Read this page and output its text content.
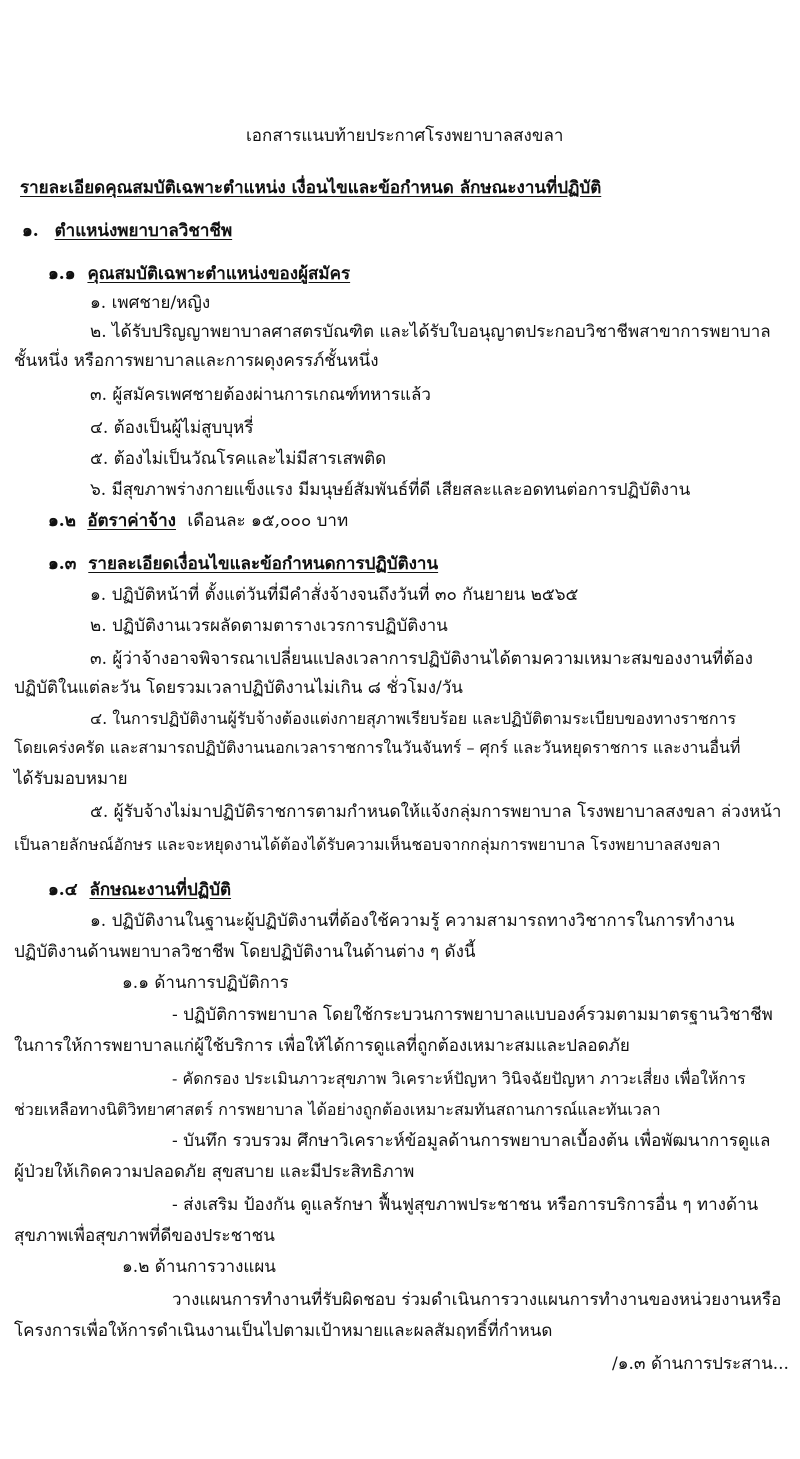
เอกสารแนบท้ายประกาศโรงพยาบาลสงขลา
รายละเอียดคุณสมบัติเฉพาะตำแหน่ง เงื่อนไขและข้อกำหนด ลักษณะงานที่ปฏิบัติ
๑. ตำแหน่งพยาบาลวิชาชีพ
๑.๑ คุณสมบัติเฉพาะตำแหน่งของผู้สมัคร
๑. เพศชาย/หญิง
๒. ได้รับปริญญาพยาบาลศาสตรบัณฑิต และได้รับใบอนุญาตประกอบวิชาชีพสาขาการพยาบาล
ชั้นหนึ่ง หรือการพยาบาลและการผดุงครรภ์ชั้นหนึ่ง
๓. ผู้สมัครเพศชายต้องผ่านการเกณฑ์ทหารแล้ว
๔. ต้องเป็นผู้ไม่สูบบุหรี่
๕. ต้องไม่เป็นวัณโรคและไม่มีสารเสพติด
๖. มีสุขภาพร่างกายแข็งแรง มีมนุษย์สัมพันธ์ที่ดี เสียสละและอดทนต่อการปฏิบัติงาน
๑.๒ อัตราค่าจ้าง เดือนละ ๑๕,๐๐๐ บาท
๑.๓ รายละเอียดเงื่อนไขและข้อกำหนดการปฏิบัติงาน
๑. ปฏิบัติหน้าที่ ตั้งแต่วันที่มีคำสั่งจ้างจนถึงวันที่ ๓๐ กันยายน ๒๕๖๕
๒. ปฏิบัติงานเวรผลัดตามตารางเวรการปฏิบัติงาน
๓. ผู้ว่าจ้างอาจพิจารณาเปลี่ยนแปลงเวลาการปฏิบัติงานได้ตามความเหมาะสมของงานที่ต้อง
ปฏิบัติในแต่ละวัน โดยรวมเวลาปฏิบัติงานไม่เกิน ๘ ชั่วโมง/วัน
๔. ในการปฏิบัติงานผู้รับจ้างต้องแต่งกายสุภาพเรียบร้อย และปฏิบัติตามระเบียบของทางราชการ
โดยเคร่งครัด และสามารถปฏิบัติงานนอกเวลาราชการในวันจันทร์ – ศุกร์ และวันหยุดราชการ และงานอื่นที่
ได้รับมอบหมาย
๕. ผู้รับจ้างไม่มาปฏิบัติราชการตามกำหนดให้แจ้งกลุ่มการพยาบาล โรงพยาบาลสงขลา ล่วงหน้า
เป็นลายลักษณ์อักษร และจะหยุดงานได้ต้องได้รับความเห็นชอบจากกลุ่มการพยาบาล โรงพยาบาลสงขลา
๑.๔ ลักษณะงานที่ปฏิบัติ
๑. ปฏิบัติงานในฐานะผู้ปฏิบัติงานที่ต้องใช้ความรู้ ความสามารถทางวิชาการในการทำงาน
ปฏิบัติงานด้านพยาบาลวิชาชีพ โดยปฏิบัติงานในด้านต่าง ๆ ดังนี้
๑.๑ ด้านการปฏิบัติการ
- ปฏิบัติการพยาบาล โดยใช้กระบวนการพยาบาลแบบองค์รวมตามมาตรฐานวิชาชีพ
ในการให้การพยาบาลแก่ผู้ใช้บริการ เพื่อให้ได้การดูแลที่ถูกต้องเหมาะสมและปลอดภัย
- คัดกรอง ประเมินภาวะสุขภาพ วิเคราะห์ปัญหา วินิจฉัยปัญหา ภาวะเสี่ยง เพื่อให้การ
ช่วยเหลือทางนิติวิทยาศาสตร์ การพยาบาล ได้อย่างถูกต้องเหมาะสมทันสถานการณ์และทันเวลา
- บันทึก รวบรวม ศึกษาวิเคราะห์ข้อมูลด้านการพยาบาลเบื้องต้น เพื่อพัฒนาการดูแล
ผู้ป่วยให้เกิดความปลอดภัย สุขสบาย และมีประสิทธิภาพ
- ส่งเสริม ป้องกัน ดูแลรักษา ฟื้นฟูสุขภาพประชาชน หรือการบริการอื่น ๆ ทางด้าน
สุขภาพเพื่อสุขภาพที่ดีของประชาชน
๑.๒ ด้านการวางแผน
วางแผนการทำงานที่รับผิดชอบ ร่วมดำเนินการวางแผนการทำงานของหน่วยงานหรือ
โครงการเพื่อให้การดำเนินงานเป็นไปตามเป้าหมายและผลสัมฤทธิ์ที่กำหนด
/๑.๓ ด้านการประสาน...
